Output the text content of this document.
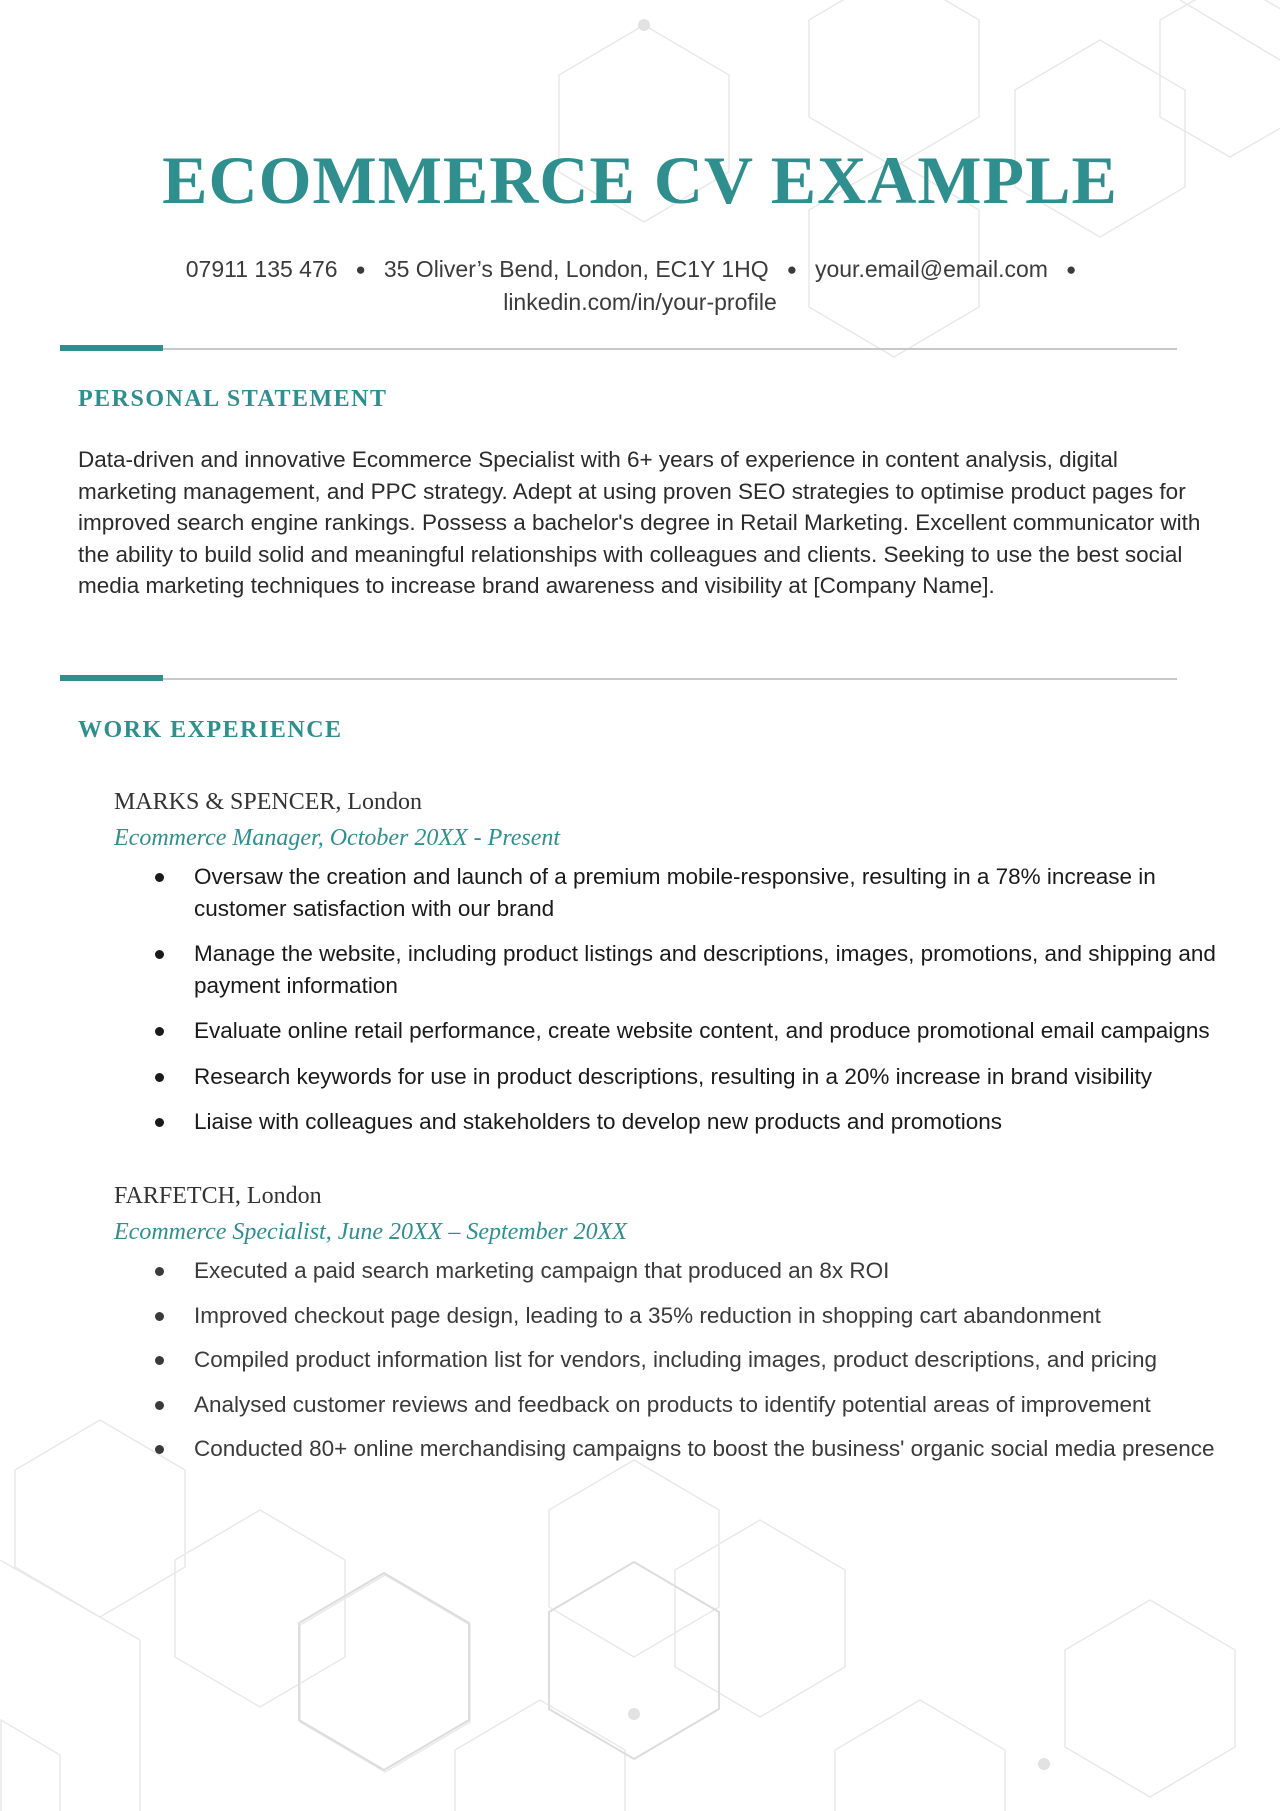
ECOMMERCE CV EXAMPLE
07911 135 476 ● 35 Oliver’s Bend, London, EC1Y 1HQ ● your.email@email.com ●
linkedin.com/in/your-profile
PERSONAL STATEMENT

Data-driven and innovative Ecommerce Specialist with 6+ years of experience in content analysis, digital marketing management, and PPC strategy. Adept at using proven SEO strategies to optimise product pages for improved search engine rankings. Possess a bachelor's degree in Retail Marketing. Excellent communicator with the ability to build solid and meaningful relationships with colleagues and clients. Seeking to use the best social media marketing techniques to increase brand awareness and visibility at [Company Name].

WORK EXPERIENCE
MARKS & SPENCER, London
Ecommerce Manager, October 20XX - Present
Oversaw the creation and launch of a premium mobile-responsive, resulting in a 78% increase in customer satisfaction with our brand
Manage the website, including product listings and descriptions, images, promotions, and shipping and payment information
Evaluate online retail performance, create website content, and produce promotional email campaigns
Research keywords for use in product descriptions, resulting in a 20% increase in brand visibility
Liaise with colleagues and stakeholders to develop new products and promotions
FARFETCH, London
Ecommerce Specialist, June 20XX – September 20XX
Executed a paid search marketing campaign that produced an 8x ROI
Improved checkout page design, leading to a 35% reduction in shopping cart abandonment
Compiled product information list for vendors, including images, product descriptions, and pricing
Analysed customer reviews and feedback on products to identify potential areas of improvement
Conducted 80+ online merchandising campaigns to boost the business' organic social media presence
